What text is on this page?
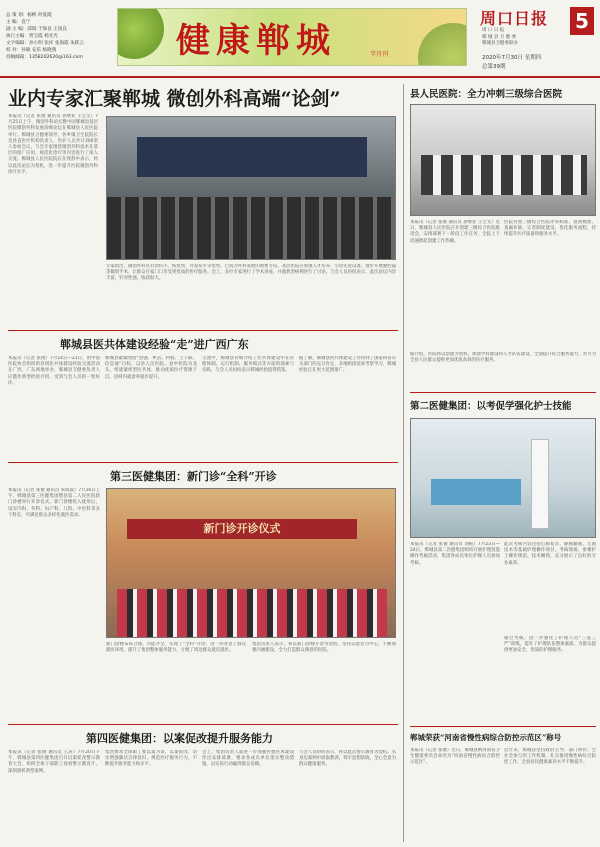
总 策 划：杨彬 何爱霞
主 编：袁宁
副 主 编：邱瑞 于保良 王国良
执行主编：贾宝霞 杨光光
文字编辑：孙小明 张祥 张海霞 朱跃云
校 对：孙敏 安乐 杨晓燕
投稿邮箱：1358202620@163.com	健康郸城	半月刊
周口日报 5
周 口 日 报
郸 城 县 卫 健 委
郸城县卫健委联办
2020年7月30日 星期四
总第39期
业内专家汇聚郸城 微创外科高端“论剑”
本报讯（记者 张俊 通讯员 孙继业 王宝文）7月25日上午，微创外科论坛暨中国郸城县基层医院微创外科发展高峰论坛在郸城县人民医院举行。郸城县卫健委领导、各乡镇卫生院院长及县直医疗机构负责人、医护人员共计200余人参加会议。与会专家围绕微创外科技术在基层的推广应用、规范化诊疗等内容进行了深入交流。郸城县人民医院院长在致辞中表示，将以此次论坛为契机，进一步提升医院微创外科诊疗水平。
专家指出，微创外科具有创伤小、恢复快、并发症少等优势，已成为外科发展的重要方向。基层医院应加强人才培养，引进先进设备，逐步开展腹腔镜等微创手术，让群众在家门口享受到优质的医疗服务。会上，多位专家进行了学术讲座，并就典型病例进行了讨论。与会人员纷纷表示，此次论坛内容丰富，针对性强，收获很大。
郸城县医共体建设经验“走”进广西广东
本报讯（记者 张俊）7月14日—21日，由中国医院协会组织的县域医共体建设经验交流活动在广西、广东两地举办，郸城县卫健委负责人应邀作典型经验介绍，受到与会人员的一致好评。
郸城县紧紧围绕“县强、乡活、村稳、上下联、信息通”目标，以县人民医院、县中医院为龙头，组建紧密型医共体，推动优质医疗资源下沉，县域内就诊率稳步提升。
交流中，郸城县详细介绍了医共体建设中在管理体制、运行机制、服务模式等方面的探索与实践，与会人员纷纷表示郸城经验值得借鉴。
据了解，郸城县医共体建设工作得到了国家和省有关部门的充分肯定，多地组团前来考察学习，郸城经验正在更大范围推广。
第三医健集团：新门诊“全科”开诊
本报讯（记者 张俊 通讯员 朱海波）7月16日上午，郸城县第三医健集团暨县第二人民医院新门诊楼举行开诊仪式。新门诊楼投入使用后，设有内科、外科、妇产科、儿科、中医科等多个科室，可满足群众多样化就医需求。
新门诊开诊仪式
新门诊楼布局合理、功能齐全，实现了“全科”开诊，进一步改善了群众就医环境，提升了集团整体服务能力，方便了周边群众就近就医。
集团负责人表示，将以新门诊楼开诊为契机，坚持以患者为中心，不断加强内涵建设，全力打造群众满意的医院。
第四医健集团：以案促改提升服务能力
本报讯（记者 张俊 通讯员 王涛）7月20日下午，郸城县第四医健集团召开以案促改警示教育大会，组织全体干部职工观看警示教育片，深刻剖析典型案例。
集团要求全体职工要以案为鉴、以案促改，切实增强廉洁自律意识，规范医疗服务行为，不断提升服务能力和水平。
会上，集团负责人就进一步加强医德医风建设作出安排部署，要求各成员单位落实整改措施，以实际行动赢得群众信赖。
与会人员纷纷表示，将以此次警示教育为契机，从身边案例中汲取教训，筑牢思想防线，全心全意为群众健康服务。
县人民医院：全力冲刺三级综合医院
本报讯（记者 张俊 通讯员 孙继业 王宝文）近日，郸城县人民医院召开创建三级综合医院推进会，安排部署下一阶段工作任务，全院上下迅速掀起创建工作热潮。
医院对照三级综合医院评审标准，逐条梳理，查漏补缺，完善制度建设，优化服务流程，持续提升医疗质量和服务水平。
据介绍，医院将以创建为契机，加强学科建设和人才队伍建设，全面提升综合服务能力，努力为全县人民群众提供更加优质高效的医疗服务。
第二医健集团：以考促学强化护士技能
本报讯（记者 张俊 通讯员 刘振）7月23日—24日，郸城县第二医健集团组织开展护理技能操作考核活动，集团各成员单位护理人员参加考核。
此次考核内容包括心肺复苏、静脉输液、无菌技术等基础护理操作项目。考核现场，参赛护士操作规范、技术娴熟，充分展示了良好的专业素养。
通过考核，进一步强化了护理人员“三基三严”训练，提升了护理队伍整体素质，为群众提供更加安全、优质的护理服务。
郸城荣获“河南省慢性病综合防控示范区”称号
本报讯（记者 张俊）近日，郸城县被河南省卫生健康委员会命名为“河南省慢性病综合防控示范区”。
近年来，郸城县坚持政府主导、部门协作、全社会参与的工作机制，扎实推进慢性病综合防控工作，全县居民健康素养水平不断提升。
